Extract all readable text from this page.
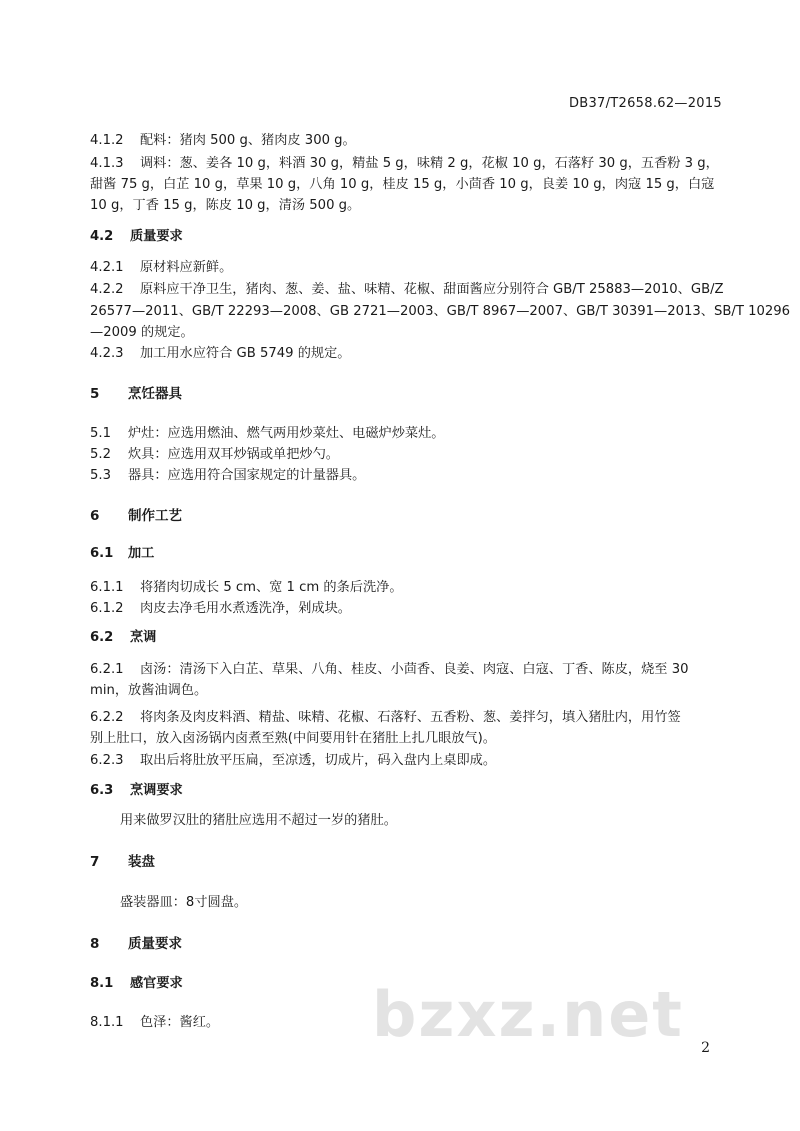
DB37/T2658.62—2015
4.1.2 配料：猪肉 500 g、猪肉皮 300 g。
4.1.3 调料：葱、姜各 10 g，料酒 30 g，精盐 5 g，味精 2 g，花椒 10 g，石落籽 30 g，五香粉 3 g，
甜酱 75 g，白芷 10 g，草果 10 g，八角 10 g，桂皮 15 g，小茴香 10 g，良姜 10 g，肉寇 15 g，白寇
10 g，丁香 15 g，陈皮 10 g，清汤 500 g。
4.2 质量要求
4.2.1 原材料应新鲜。
4.2.2 原料应干净卫生，猪肉、葱、姜、盐、味精、花椒、甜面酱应分别符合 GB/T 25883—2010、GB/Z
26577—2011、GB/T 22293—2008、GB 2721—2003、GB/T 8967—2007、GB/T 30391—2013、SB/T 10296
—2009 的规定。
4.2.3 加工用水应符合 GB 5749 的规定。
5 烹饪器具
5.1 炉灶：应选用燃油、燃气两用炒菜灶、电磁炉炒菜灶。
5.2 炊具：应选用双耳炒锅或单把炒勺。
5.3 器具：应选用符合国家规定的计量器具。
6 制作工艺
6.1 加工
6.1.1 将猪肉切成长 5 cm、宽 1 cm 的条后洗净。
6.1.2 肉皮去净毛用水煮透洗净，剁成块。
6.2 烹调
6.2.1 卤汤：清汤下入白芷、草果、八角、桂皮、小茴香、良姜、肉寇、白寇、丁香、陈皮，烧至 30
min，放酱油调色。
6.2.2 将肉条及肉皮料酒、精盐、味精、花椒、石落籽、五香粉、葱、姜拌匀，填入猪肚内，用竹签
别上肚口，放入卤汤锅内卤煮至熟(中间要用针在猪肚上扎几眼放气)。
6.2.3 取出后将肚放平压扁，至凉透，切成片，码入盘内上桌即成。
6.3 烹调要求
用来做罗汉肚的猪肚应选用不超过一岁的猪肚。
7 装盘
盛装器皿：8寸圆盘。
8 质量要求
8.1 感官要求
8.1.1 色泽：酱红。 bzxz.net 2
